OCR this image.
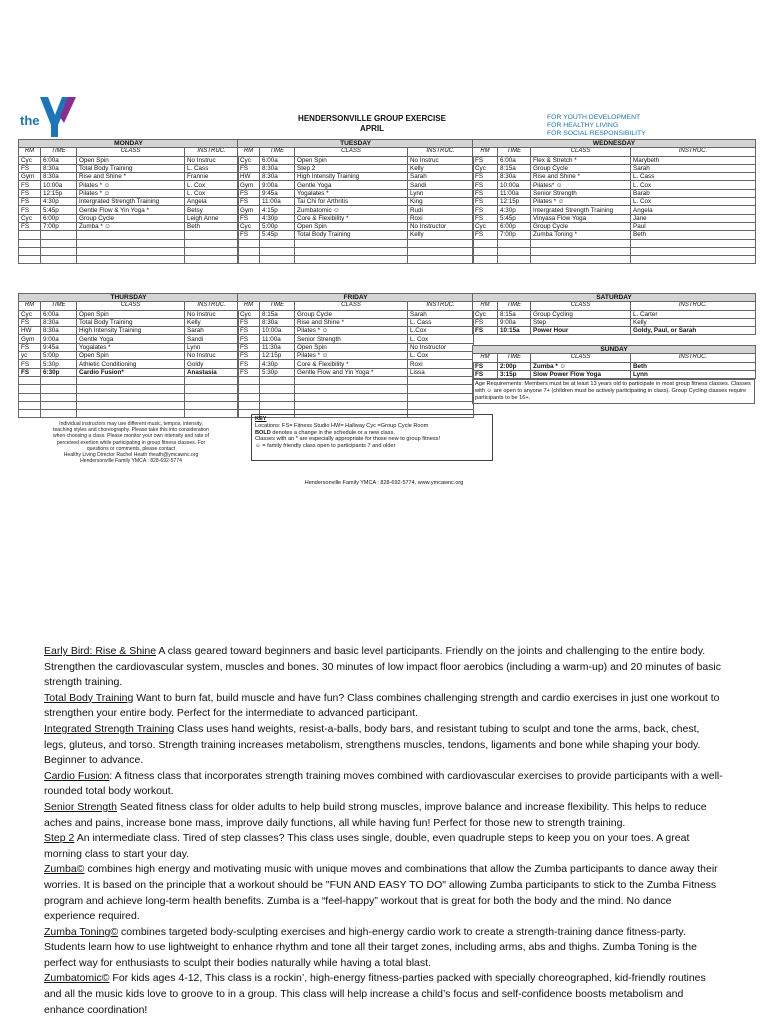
the	HENDERSONVILLE GROUP EXERCISE
APRIL
FOR YOUTH DEVELOPMENT
FOR HEALTHY LIVING
FOR SOCIAL RESPONSIBILITY
MONDAY			
RM	TIME	CLASS	INSTRUC.
Cyc	6:00a	Open Spin	No Instruc
FS	8:30a	Total Body Training	L. Cass
Gym	8:30a	Rise and Shine *	Frannie
FS	10:00a	Pilates * ☺	L. Cox
FS	12:15p	Pilates * ☺	L. Cox
FS	4:30p	Intergrated Strength Training	Angela
FS	5:45p	Gentle Flow & Yin Yoga *	Betsy
Cyc	6:00p	Group Cycle	Leigh Anne
FS	7:00p	Zumba * ☺	Beth

TUESDAY			
RM	TIME	CLASS	INSTRUC.
Cyc	6:00a	Open Spin	No Instruc
FS	8:30a	Step 2	Kelly
HW	8:30a	High Intensity Training	Sarah
Gym	9:00a	Gentle Yoga	Sandi
FS	9:45a	Yogalates *	Lynn
FS	11:00a	Tai Chi for Arthritis	King
Gym	4:15p	Zumbatomic ☺	Rudi
FS	4:30p	Core & Flexibility *	Roxi
Cyc	5:00p	Open Spin	No Instructor
FS	5:45p	Total Body Training	Kelly

WEDNESDAY			
RM	TIME	CLASS	INSTRUC.
FS	6:00a	Flex & Stretch *	Marybeth
Cyc	8:15a	Group Cycle	Sarah
FS	8:30a	Rise and Shine *	L. Cass
FS	10:00a	Pilates* ☺	L. Cox
FS	11:00a	Senior Strength	Barab
FS	12:15p	Pilates * ☺	L. Cox
FS	4:30p	Intergrated Strength Training	Angela
FS	5:45p	Vinyasa Flow Yoga	Jane
Cyc	6:00p	Group Cycle	Paul
FS	7:00p	Zumba Toning *	Beth

THURSDAY			
RM	TIME	CLASS	INSTRUC.
Cyc	6:00a	Open Spin	No Instruc
FS	8:30a	Total Body Training	Kelly
HW	8:30a	High Intensity Training	Sarah
Gym	9:00a	Gentle Yoga	Sandi
FS	9:45a	Yogalates *	Lynn
yc	5:00p	Open Spin	No Instruc
FS	5:30p	Athletic Conditioning	Goldy
FS	6:30p	Cardio Fusion*	Anastasia

FRIDAY			
RM	TIME	CLASS	INSTRUC.
Cyc	8:15a	Group Cycle	Sarah
FS	8:30a	Rise and Shine *	L. Cass
FS	10:00a	Pilates * ☺	L.Cox
FS	11:00a	Senior Strength	L. Cox
FS	11:30a	Open Spin	No Instructor
FS	12:15p	Pilates * ☺	L. Cox
FS	4:30p	Core & Flexibility *	Roxi
FS	5:30p	Gentle Flow and Yin Yoga *	Lissa

SATURDAY			
RM	TIME	CLASS	INSTRUC.
Cyc	8:15a	Group Cycling	L. Carter
FS	9:00a	Step	Kelly
FS	10:15a	Power Hour	Goldy, Paul, or Sarah
SUNDAY			
RM	TIME	CLASS	INSTRUC.
FS	2:00p	Zumba * ☺	Beth
FS	3:15p	Slow Power Flow Yoga	Lynn
Age Requirements: Members must be at least 13 years old to participate in most group fitness classes. Classes with ☺ are open to anyone 7+ (children must be actively participating in class). Group Cycling classes require participants to be 16+.
Individual instructors may use different music, tempos, intensity,
teaching styles and choreography. Please take this into consideration
when choosing a class. Please monitor your own intensity and rate of
perceived exertion while participating in group fitness classes. For
questions or comments, please contact
Healthy Living Director Rachel Heath rheath@ymcawnc.org
Hendersonville Family YMCA : 828-692-5774
KEY
Locations: FS= Fitness Studio HW= Hallway Cyc =Group Cycle Room
BOLD denotes a change in the schedule or a new class.
Classes with an * are especially appropriate for those new to group fitness!
☺ = family friendly class open to participants 7 and older
Hendersonville Family YMCA : 828-692-5774, www.ymcawnc.org

Early Bird: Rise & Shine A class geared toward beginners and basic level participants. Friendly on the joints and challenging to the entire body. Strengthen the cardiovascular system, muscles and bones. 30 minutes of low impact floor aerobics (including a warm-up) and 20 minutes of basic strength training.

Total Body Training Want to burn fat, build muscle and have fun? Class combines challenging strength and cardio exercises in just one workout to strengthen your entire body. Perfect for the intermediate to advanced participant.

Integrated Strength Training Class uses hand weights, resist-a-balls, body bars, and resistant tubing to sculpt and tone the arms, back, chest, legs, gluteus, and torso. Strength training increases metabolism, strengthens muscles, tendons, ligaments and bone while shaping your body. Beginner to advance.

Cardio Fusion: A fitness class that incorporates strength training moves combined with cardiovascular exercises to provide participants with a well-rounded total body workout.

Senior Strength Seated fitness class for older adults to help build strong muscles, improve balance and increase flexibility. This helps to reduce aches and pains, increase bone mass, improve daily functions, all while having fun! Perfect for those new to strength training.

Step 2 An intermediate class. Tired of step classes? This class uses single, double, even quadruple steps to keep you on your toes. A great morning class to start your day.

Zumba© combines high energy and motivating music with unique moves and combinations that allow the Zumba participants to dance away their worries. It is based on the principle that a workout should be "FUN AND EASY TO DO" allowing Zumba participants to stick to the Zumba Fitness program and achieve long-term health benefits. Zumba is a “feel-happy” workout that is great for both the body and the mind. No dance experience required.

Zumba Toning© combines targeted body-sculpting exercises and high-energy cardio work to create a strength-training dance fitness-party. Students learn how to use lightweight to enhance rhythm and tone all their target zones, including arms, abs and thighs. Zumba Toning is the perfect way for enthusiasts to sculpt their bodies naturally while having a total blast.

Zumbatomic© For kids ages 4-12, This class is a rockin’, high-energy fitness-parties packed with specially choreographed, kid-friendly routines and all the music kids love to groove to in a group. This class will help increase a child’s focus and self-confidence boosts metabolism and enhance coordination!
